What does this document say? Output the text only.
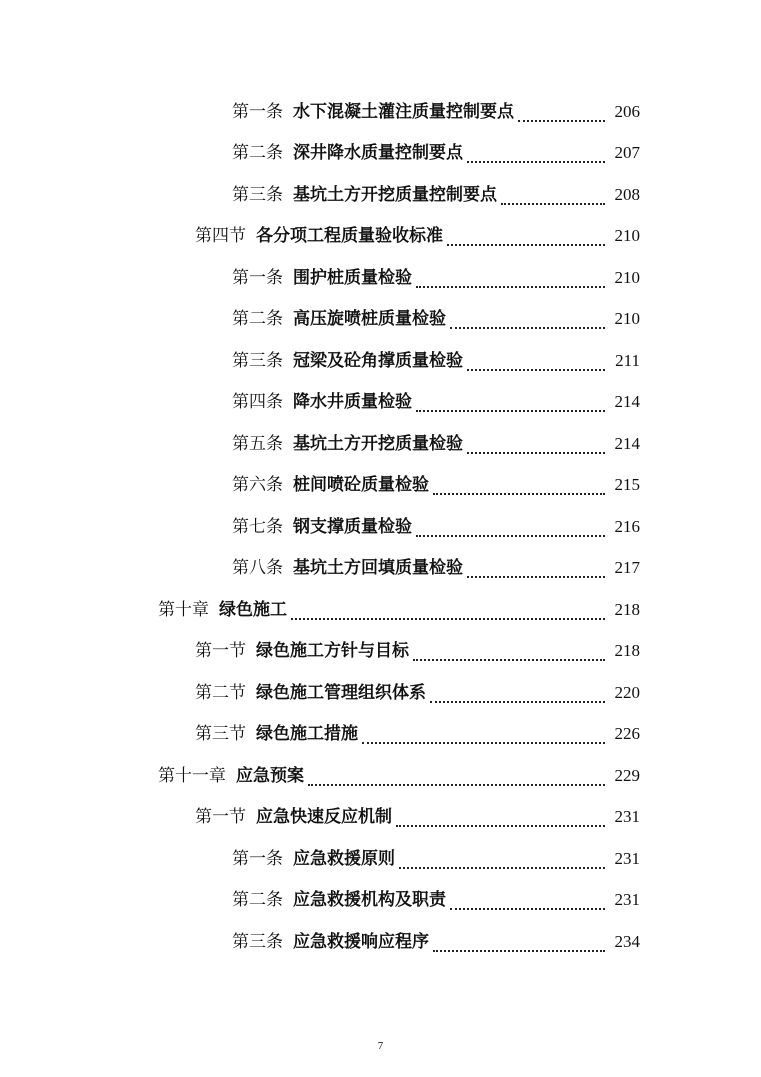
第一条 水下混凝土灌注质量控制要点	206
第二条 深井降水质量控制要点	207
第三条 基坑土方开挖质量控制要点	208
第四节 各分项工程质量验收标准	210
第一条 围护桩质量检验	210
第二条 高压旋喷桩质量检验	210
第三条 冠梁及砼角撑质量检验	211
第四条 降水井质量检验	214
第五条 基坑土方开挖质量检验	214
第六条 桩间喷砼质量检验	215
第七条 钢支撑质量检验	216
第八条 基坑土方回填质量检验	217
第十章 绿色施工	218
第一节 绿色施工方针与目标	218
第二节 绿色施工管理组织体系	220
第三节 绿色施工措施	226
第十一章 应急预案	229
第一节 应急快速反应机制	231
第一条 应急救援原则	231
第二条 应急救援机构及职责	231
第三条 应急救援响应程序	234
7
